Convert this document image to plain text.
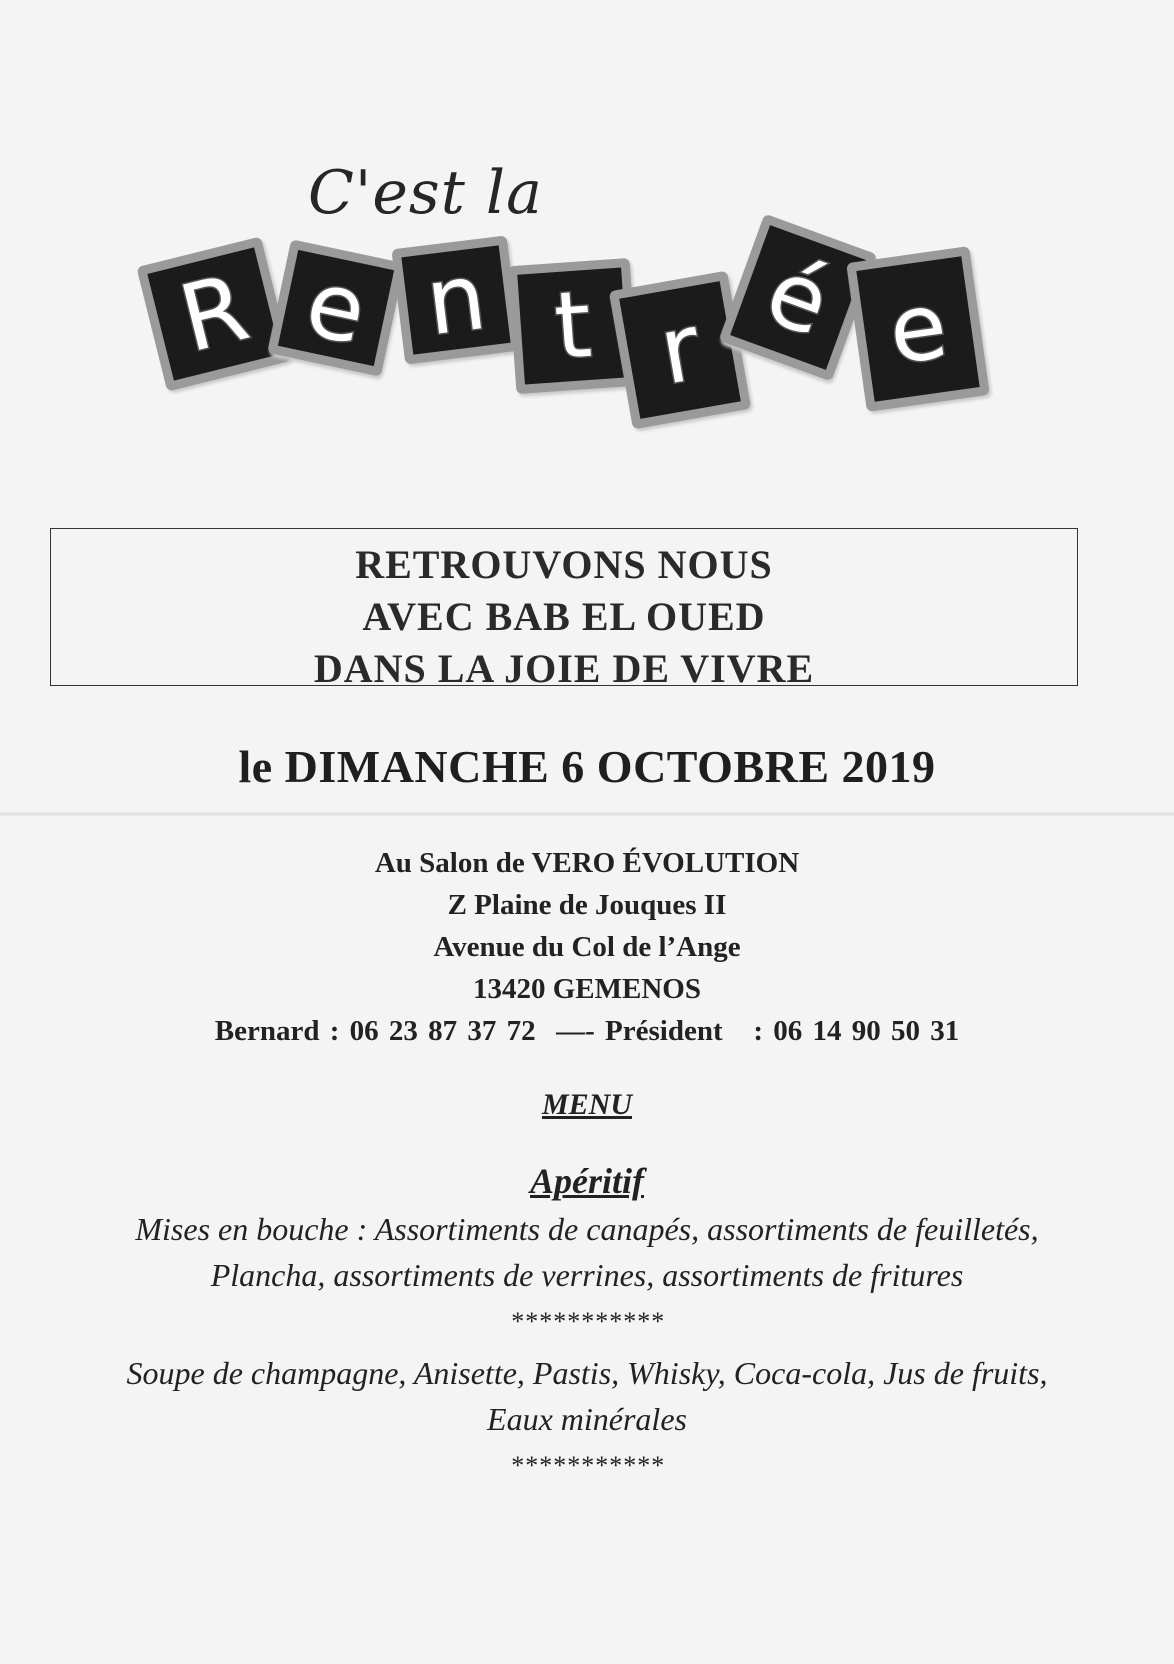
C'est la
R e n t r é e
RETROUVONS NOUS
AVEC BAB EL OUED
DANS LA JOIE DE VIVRE
le DIMANCHE 6 OCTOBRE 2019
Au Salon de VERO ÉVOLUTION
Z Plaine de Jouques II
Avenue du Col de l’Ange
13420 GEMENOS
Bernard : 06 23 87 37 72  —- Président   : 06 14 90 50 31
MENU
Apéritif
Mises en bouche : Assortiments de canapés, assortiments de feuilletés,
Plancha, assortiments de verrines, assortiments de fritures
***********
Soupe de champagne, Anisette, Pastis, Whisky, Coca-cola, Jus de fruits,
Eaux minérales
***********
